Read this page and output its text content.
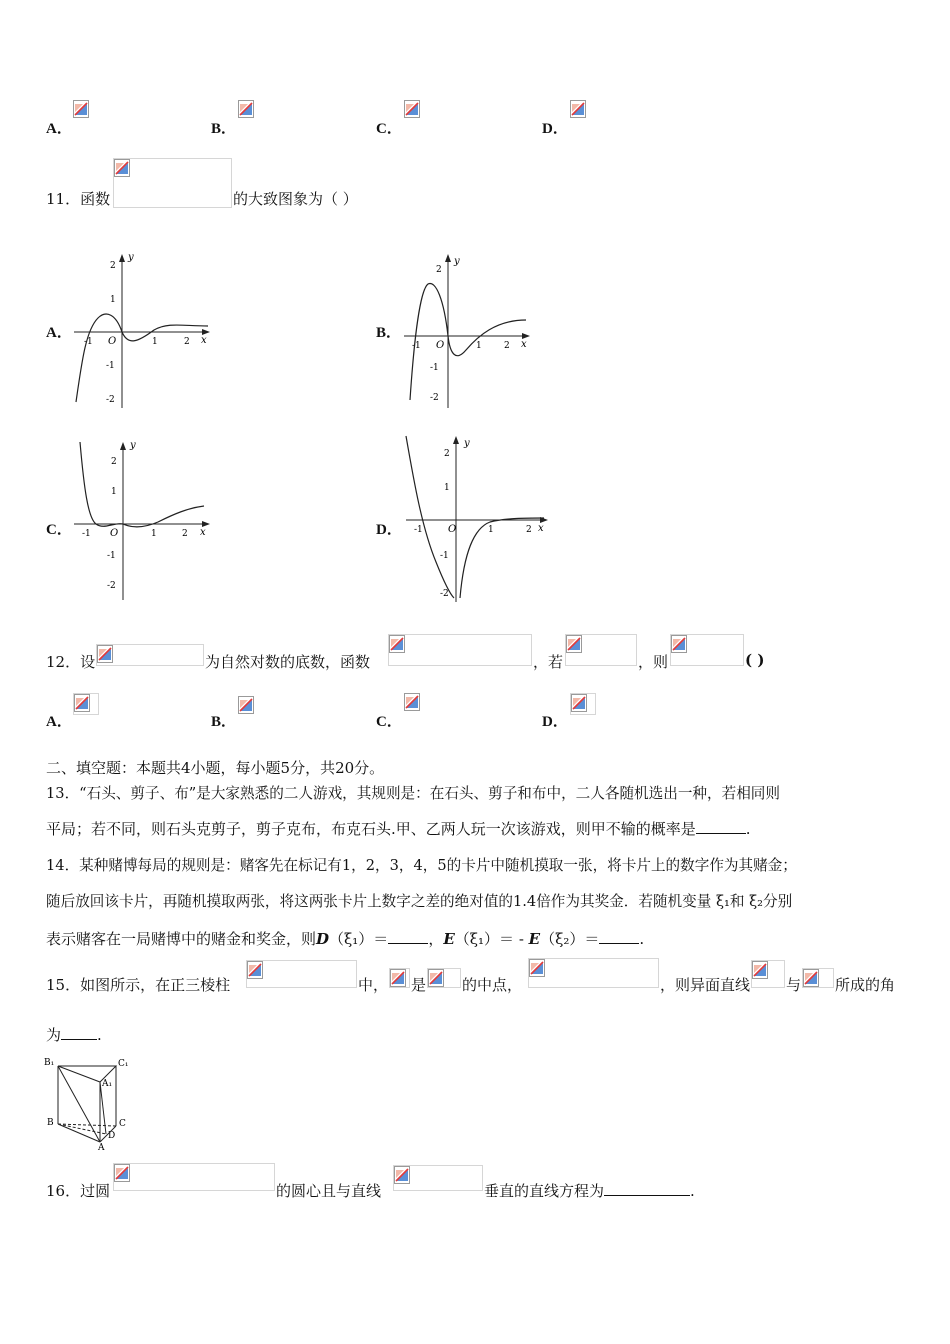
A．	B．	C．	D．
11．函数	的大致图象为（ ）
A．
y
x
O
-1	1	2
2
1
-1
-2
B．
y
x
O
-1	1 2
2
-1
-2
C．
y
x
O
-1	1	2
2
1
-1
-2
D．
y
x
O
-1	1	2
2
1
-1
-2
12．设	为自然对数的底数，函数	，若	，则	( )
A．	B．	C．	D．
二、填空题：本题共4小题，每小题5分，共20分。
13．“石头、剪子、布”是大家熟悉的二人游戏，其规则是：在石头、剪子和布中，二人各随机选出一种，若相同则
平局；若不同，则石头克剪子，剪子克布，布克石头.甲、乙两人玩一次该游戏，则甲不输的概率是	.
14．某种赌博每局的规则是：赌客先在标记有1，2，3，4，5的卡片中随机摸取一张，将卡片上的数字作为其赌金；
随后放回该卡片，再随机摸取两张，将这两张卡片上数字之差的绝对值的1.4倍作为其奖金．若随机变量 ξ₁和 ξ₂分别
表示赌客在一局赌博中的赌金和奖金，则D（ξ₁）＝	，E（ξ₁）＝ - E（ξ₂）＝	.
15．如图所示，在正三棱柱	中， 是 的中点，	，则异面直线 与 所成的角
为 .
B₁	C₁
A₁
B	C
D
A
16．过圆	的圆心且与直线	垂直的直线方程为	.
